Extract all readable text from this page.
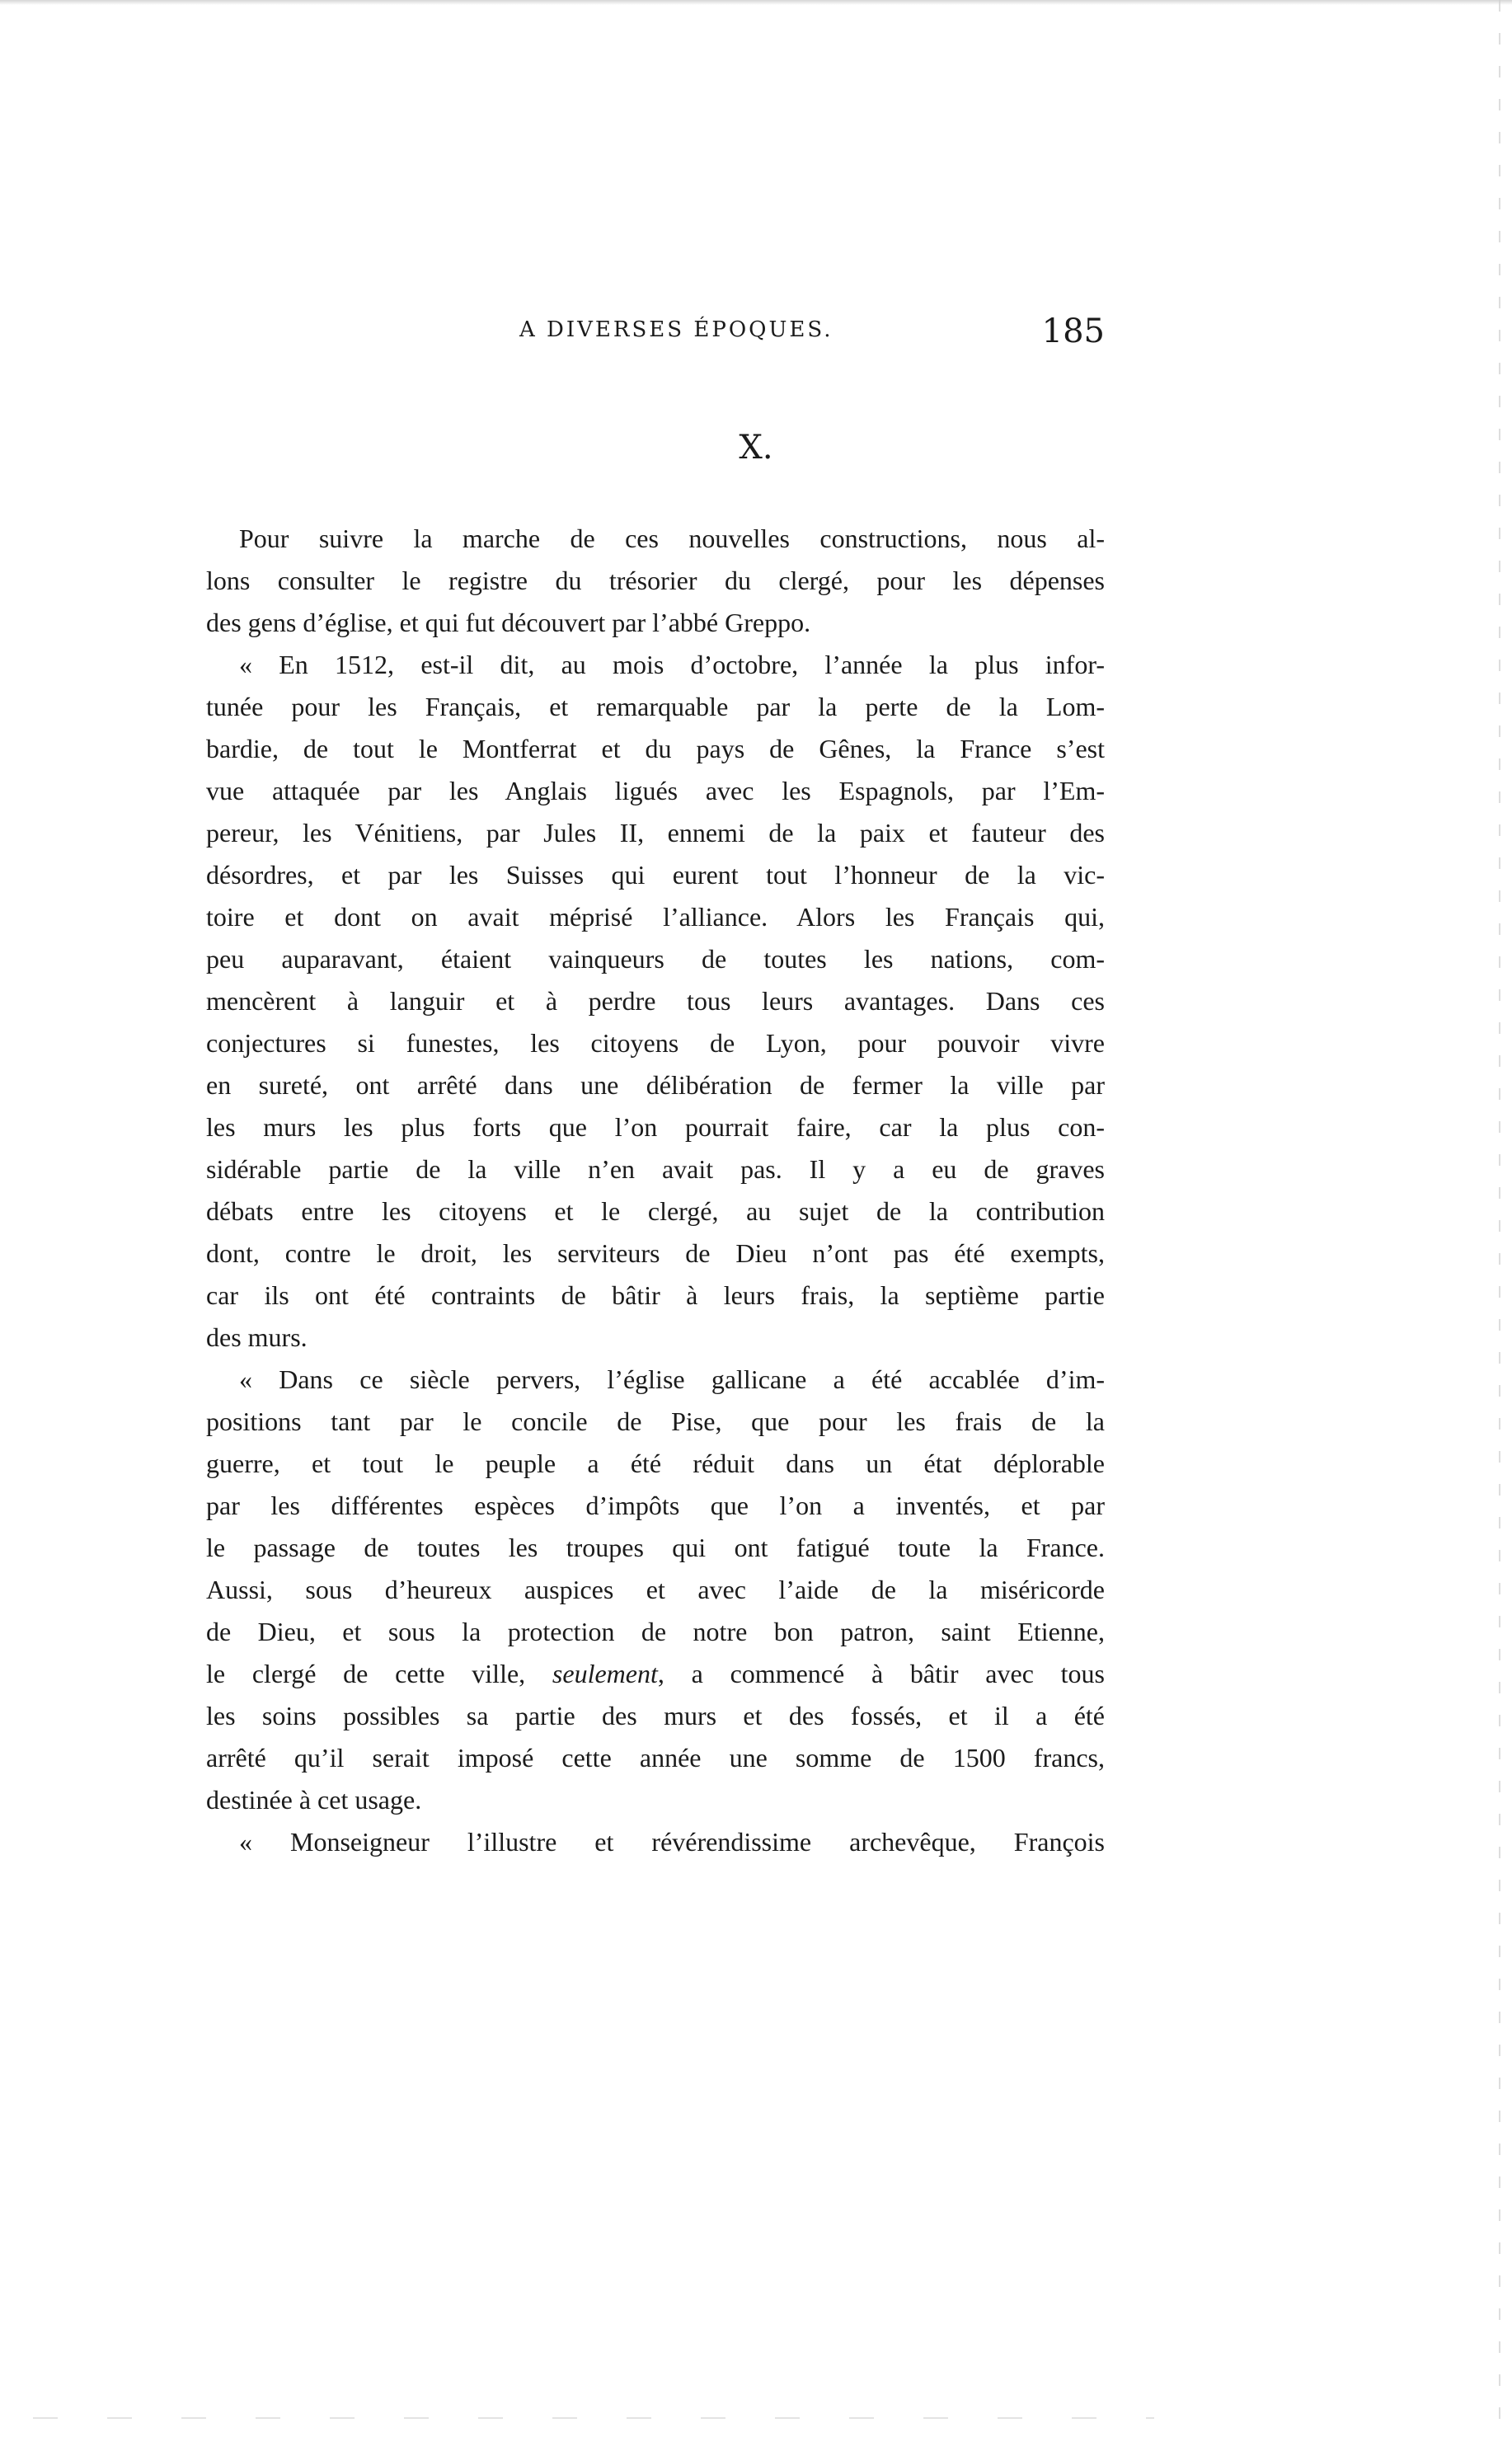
A DIVERSES ÉPOQUES.	185
X.
Pour suivre la marche de ces nouvelles constructions, nous al-
lons consulter le registre du trésorier du clergé, pour les dépenses
des gens d’église, et qui fut découvert par l’abbé Greppo.
« En 1512, est-il dit, au mois d’octobre, l’année la plus infor-
tunée pour les Français, et remarquable par la perte de la Lom-
bardie, de tout le Montferrat et du pays de Gênes, la France s’est
vue attaquée par les Anglais ligués avec les Espagnols, par l’Em-
pereur, les Vénitiens, par Jules II, ennemi de la paix et fauteur des
désordres, et par les Suisses qui eurent tout l’honneur de la vic-
toire et dont on avait méprisé l’alliance. Alors les Français qui,
peu auparavant, étaient vainqueurs de toutes les nations, com-
mencèrent à languir et à perdre tous leurs avantages. Dans ces
conjectures si funestes, les citoyens de Lyon, pour pouvoir vivre
en sureté, ont arrêté dans une délibération de fermer la ville par
les murs les plus forts que l’on pourrait faire, car la plus con-
sidérable partie de la ville n’en avait pas. Il y a eu de graves
débats entre les citoyens et le clergé, au sujet de la contribution
dont, contre le droit, les serviteurs de Dieu n’ont pas été exempts,
car ils ont été contraints de bâtir à leurs frais, la septième partie
des murs.
« Dans ce siècle pervers, l’église gallicane a été accablée d’im-
positions tant par le concile de Pise, que pour les frais de la
guerre, et tout le peuple a été réduit dans un état déplorable
par les différentes espèces d’impôts que l’on a inventés, et par
le passage de toutes les troupes qui ont fatigué toute la France.
Aussi, sous d’heureux auspices et avec l’aide de la miséricorde
de Dieu, et sous la protection de notre bon patron, saint Etienne,
le clergé de cette ville, seulement, a commencé à bâtir avec tous
les soins possibles sa partie des murs et des fossés, et il a été
arrêté qu’il serait imposé cette année une somme de 1500 francs,
destinée à cet usage.
« Monseigneur l’illustre et révérendissime archevêque, François
